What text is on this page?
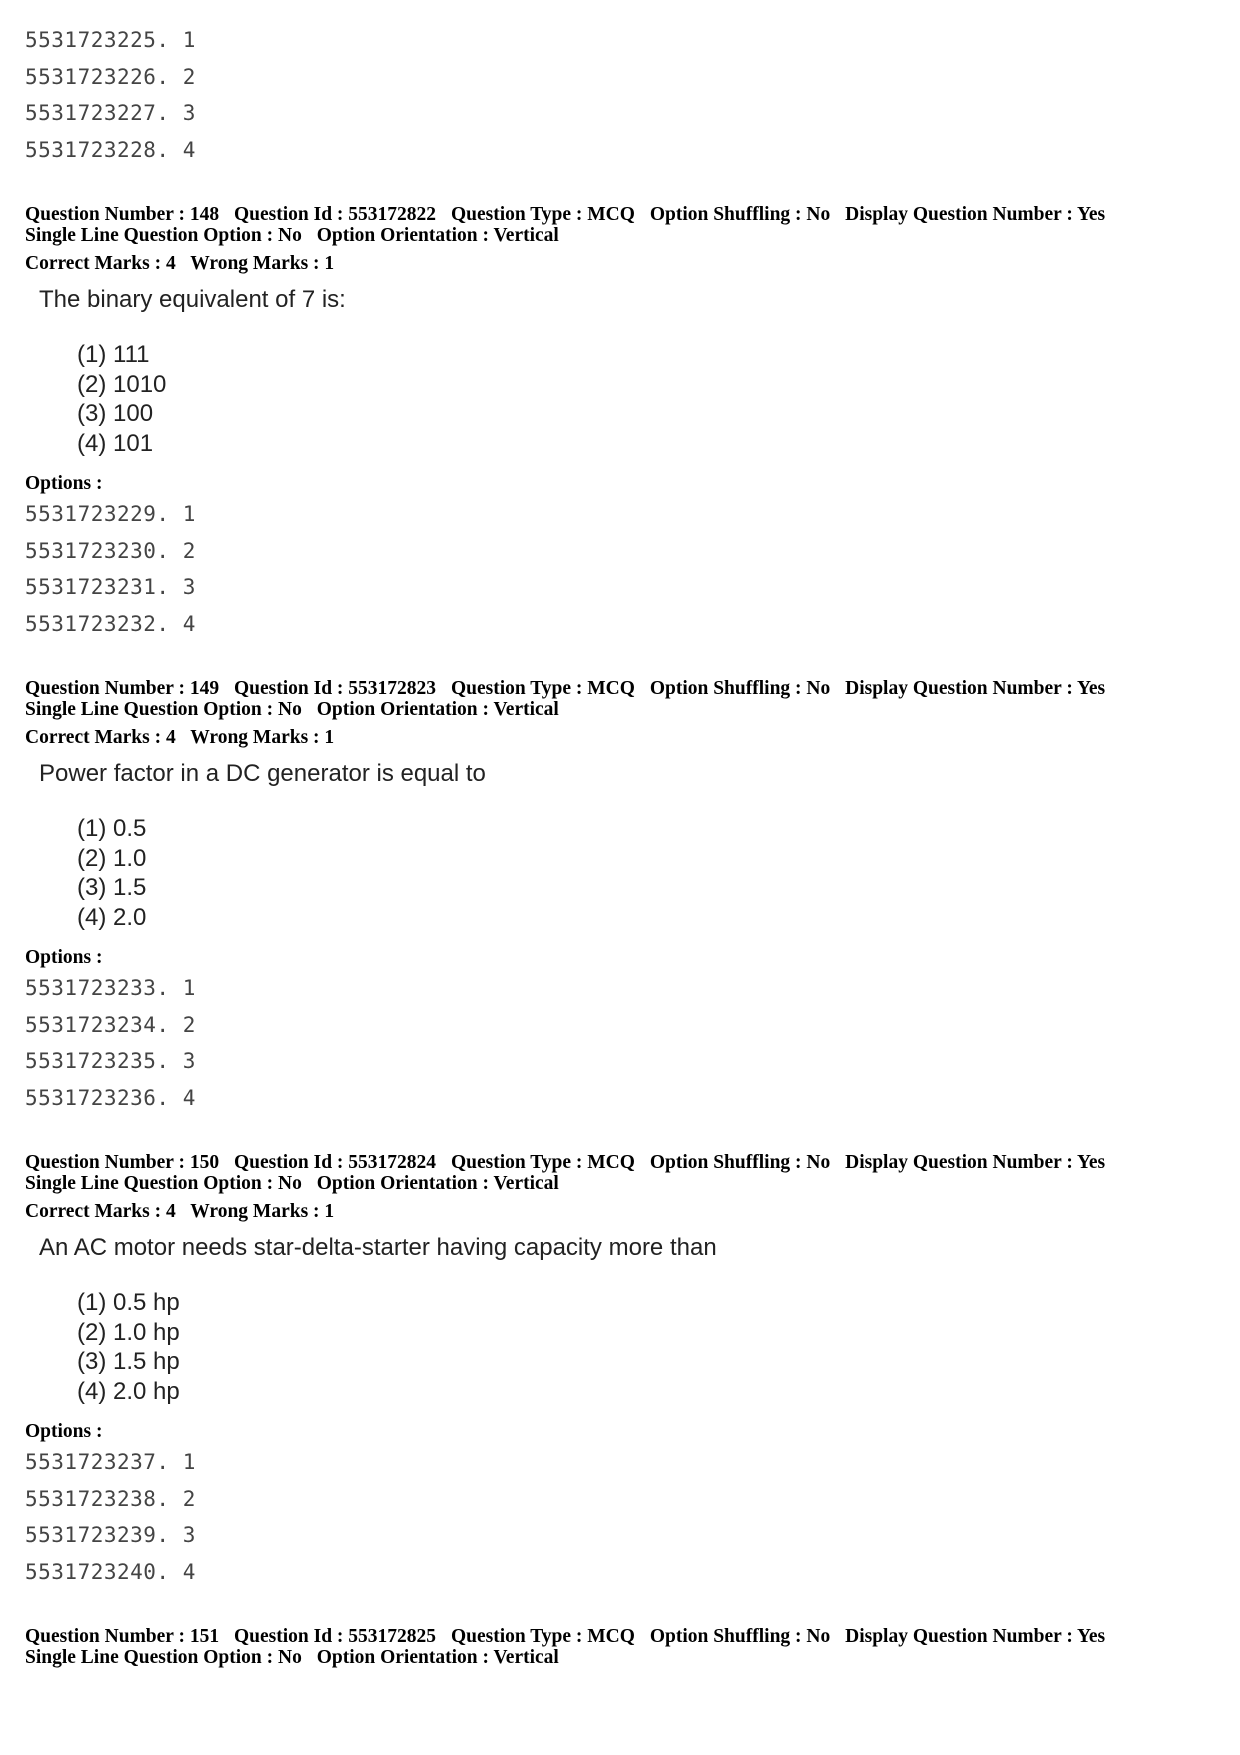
5531723225. 1
5531723226. 2
5531723227. 3
5531723228. 4
Question Number : 148 Question Id : 553172822 Question Type : MCQ Option Shuffling : No Display Question Number : Yes
Single Line Question Option : No Option Orientation : Vertical
Correct Marks : 4 Wrong Marks : 1
The binary equivalent of 7 is:
(1) 111
(2) 1010
(3) 100
(4) 101
Options :
5531723229. 1
5531723230. 2
5531723231. 3
5531723232. 4
Question Number : 149 Question Id : 553172823 Question Type : MCQ Option Shuffling : No Display Question Number : Yes
Single Line Question Option : No Option Orientation : Vertical
Correct Marks : 4 Wrong Marks : 1
Power factor in a DC generator is equal to
(1) 0.5
(2) 1.0
(3) 1.5
(4) 2.0
Options :
5531723233. 1
5531723234. 2
5531723235. 3
5531723236. 4
Question Number : 150 Question Id : 553172824 Question Type : MCQ Option Shuffling : No Display Question Number : Yes
Single Line Question Option : No Option Orientation : Vertical
Correct Marks : 4 Wrong Marks : 1
An AC motor needs star-delta-starter having capacity more than
(1) 0.5 hp
(2) 1.0 hp
(3) 1.5 hp
(4) 2.0 hp
Options :
5531723237. 1
5531723238. 2
5531723239. 3
5531723240. 4
Question Number : 151 Question Id : 553172825 Question Type : MCQ Option Shuffling : No Display Question Number : Yes
Single Line Question Option : No Option Orientation : Vertical
